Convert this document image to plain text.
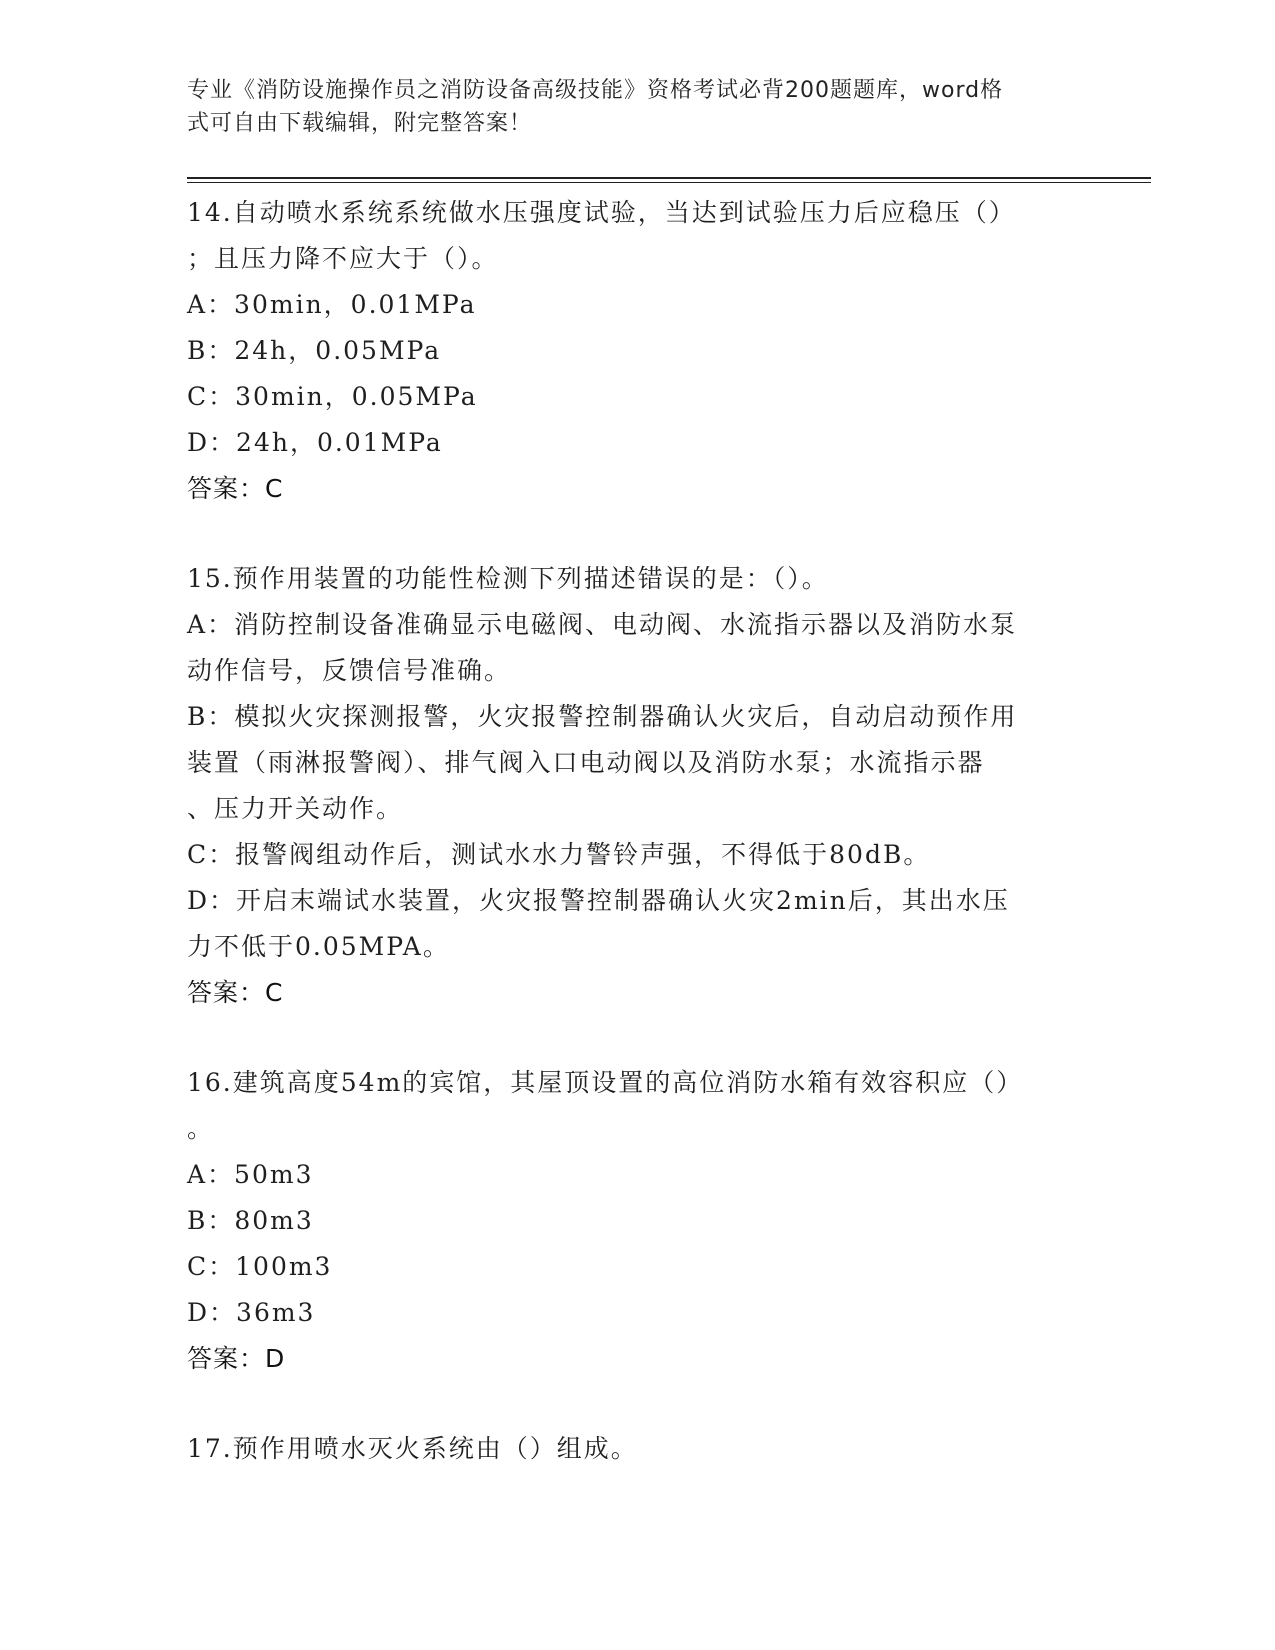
专业《消防设施操作员之消防设备高级技能》资格考试必背200题题库，word格
式可自由下载编辑，附完整答案！
14.自动喷水系统系统做水压强度试验，当达到试验压力后应稳压（）
；且压力降不应大于（）。
A：30min，0.01MPa
B：24h，0.05MPa
C：30min，0.05MPa
D：24h，0.01MPa
答案：C
15.预作用装置的功能性检测下列描述错误的是：（）。
A：消防控制设备准确显示电磁阀、电动阀、水流指示器以及消防水泵
动作信号，反馈信号准确。
B：模拟火灾探测报警，火灾报警控制器确认火灾后，自动启动预作用
装置（雨淋报警阀）、排气阀入口电动阀以及消防水泵；水流指示器
、压力开关动作。
C：报警阀组动作后，测试水水力警铃声强，不得低于80dB。
D：开启末端试水装置，火灾报警控制器确认火灾2min后，其出水压
力不低于0.05MPA。
答案：C
16.建筑高度54m的宾馆，其屋顶设置的高位消防水箱有效容积应（）
。
A：50m3
B：80m3
C：100m3
D：36m3
答案：D
17.预作用喷水灭火系统由（）组成。
